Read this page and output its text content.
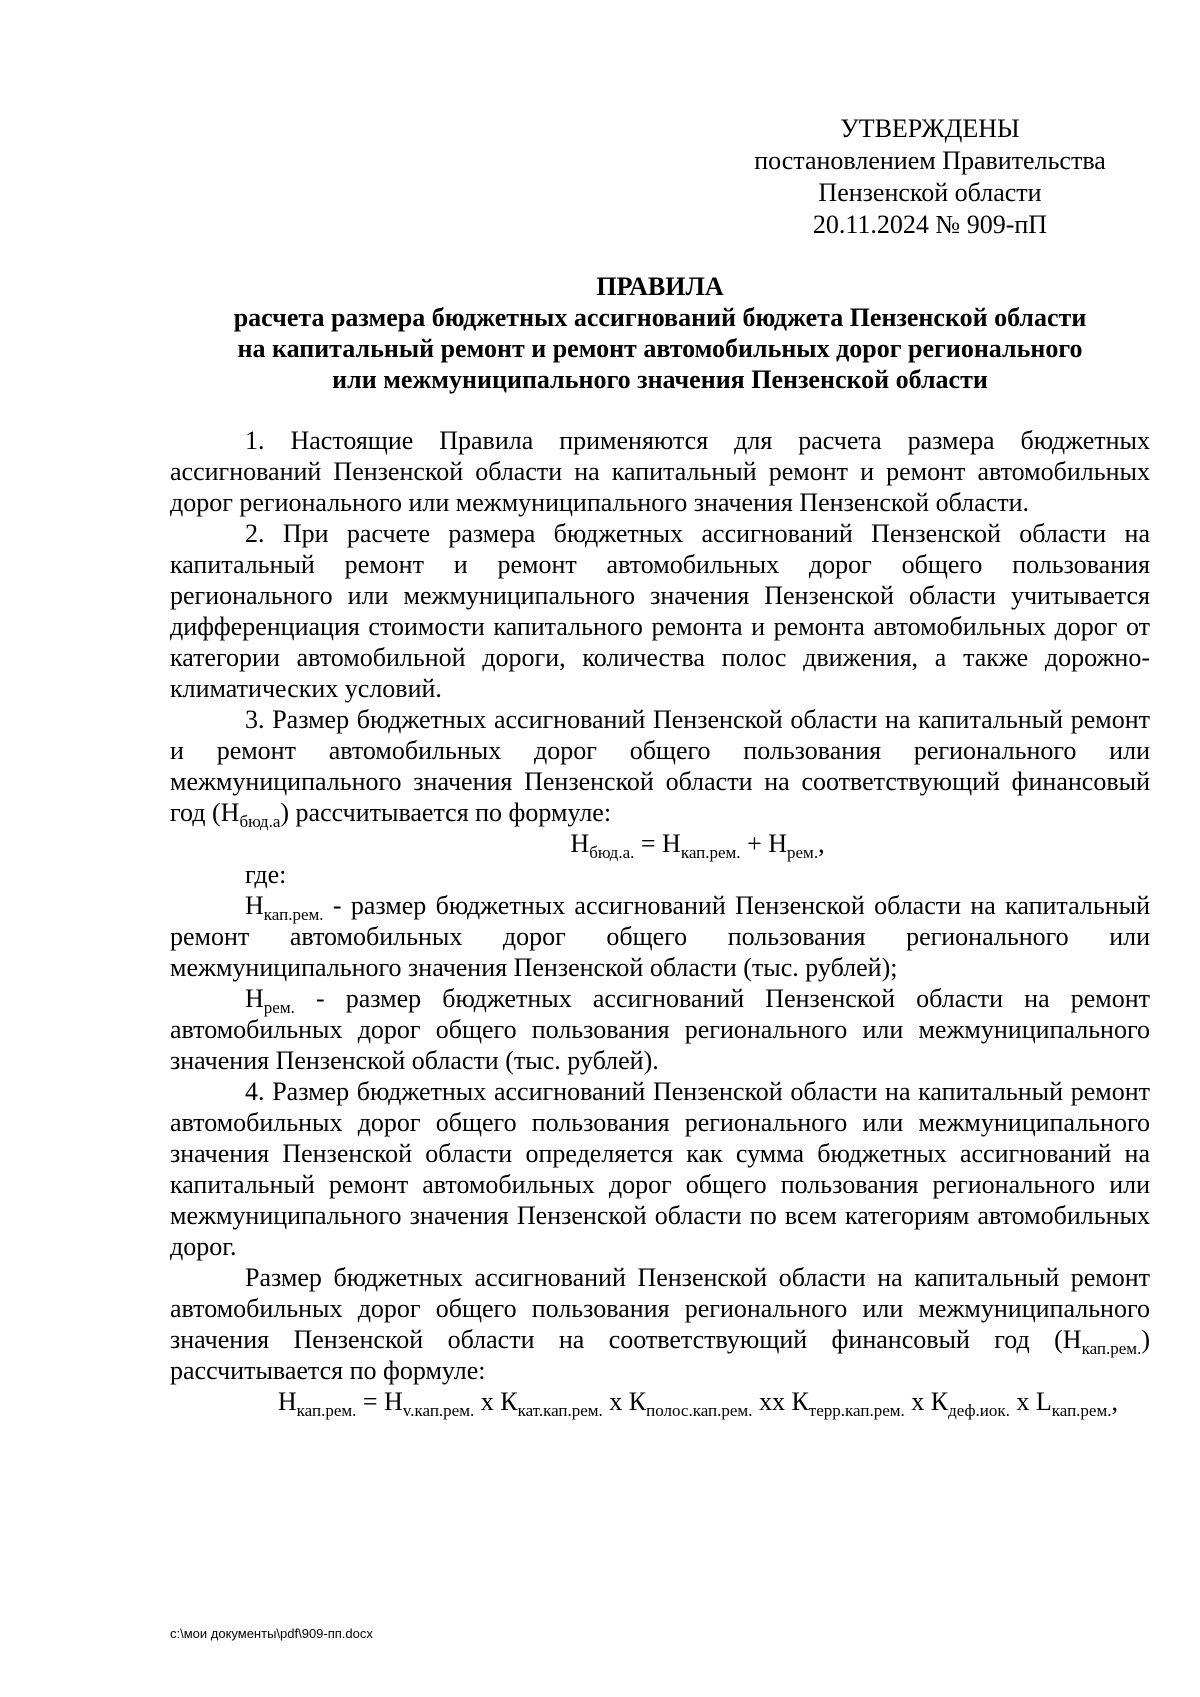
УТВЕРЖДЕНЫ
постановлением Правительства
Пензенской области
20.11.2024 № 909-пП
ПРАВИЛА
расчета размера бюджетных ассигнований бюджета Пензенской области
на капитальный ремонт и ремонт автомобильных дорог регионального
или межмуниципального значения Пензенской области

1. Настоящие Правила применяются для расчета размера бюджетных ассигнований Пензенской области на капитальный ремонт и ремонт автомобильных дорог регионального или межмуниципального значения Пензенской области.

2. При расчете размера бюджетных ассигнований Пензенской области на капитальный ремонт и ремонт автомобильных дорог общего пользования регионального или межмуниципального значения Пензенской области учитывается дифференциация стоимости капитального ремонта и ремонта автомобильных дорог от категории автомобильной дороги, количества полос движения, а также дорожно-климатических условий.

3. Размер бюджетных ассигнований Пензенской области на капитальный ремонт и ремонт автомобильных дорог общего пользования регионального или межмуниципального значения Пензенской области на соответствующий финансовый год $(Н_{бюд.а})$ рассчитывается по формуле:

$Н_{бюд.а.} = Н_{кап.рем.} + Н_{рем.}$,

где:

$Н_{кап.рем.}$ - размер бюджетных ассигнований Пензенской области на капитальный ремонт автомобильных дорог общего пользования регионального или межмуниципального значения Пензенской области (тыс. рублей);

$Н_{рем.}$ - размер бюджетных ассигнований Пензенской области на ремонт автомобильных дорог общего пользования регионального или межмуниципального значения Пензенской области (тыс. рублей).

4. Размер бюджетных ассигнований Пензенской области на капитальный ремонт автомобильных дорог общего пользования регионального или межмуниципального значения Пензенской области определяется как сумма бюджетных ассигнований на капитальный ремонт автомобильных дорог общего пользования регионального или межмуниципального значения Пензенской области по всем категориям автомобильных дорог.

Размер бюджетных ассигнований Пензенской области на капитальный ремонт автомобильных дорог общего пользования регионального или межмуниципального значения Пензенской области на соответствующий финансовый год $(Н_{кап.рем.})$ рассчитывается по формуле:

$Н_{кап.рем.} = Н_{v.кап.рем.}$ х $К_{кат.кап.рем.}$ х $К_{полос.кап.рем.}$ хх $К_{терр.кап.рем.}$ х $К_{деф.иок.}$ х $L_{кап.рем.}$,

c:\мои документы\pdf\909-пп.docx
